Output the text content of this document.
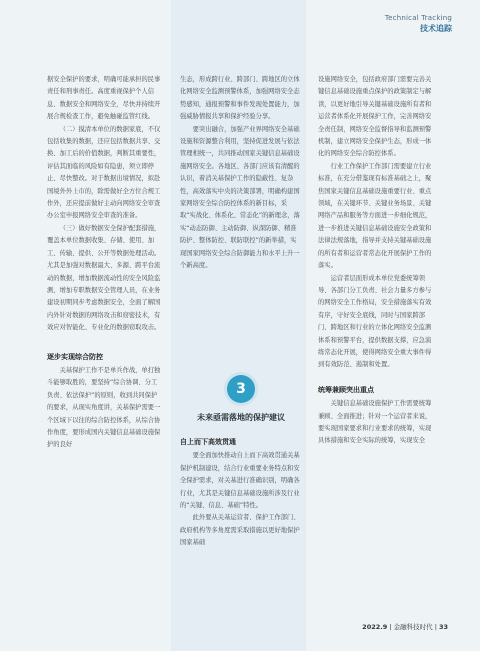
Technical Tracking
技术追踪

据安全保护的要求，明确可能承担的民事责任和刑事责任。高度重视保护个人信息、数据安全和网络安全，尽快并持续开展合规检查工作，避免触碰监管红线。

（二）摸清本单位的数据家底，不仅包括收集的数据，还应包括数据共享、交换、加工后的价值数据，判断其重要性，评估其面临的风险如有隐患，须立即停止、尽快整改。对于数据出境情况，拟赴国境外外上市的，除需做好全方位合规工作外，还应提前做好主动向网络安全审查办公室申报网络安全审查的准备。

（三）做好数据安全保护配套措施，覆盖本单位数据收集、存储、使用、加工、传输、提供、公开等数据处理活动。尤其是加强对数据最大、多源、跨平台流动的数据，增加数据流动性的安全风险监测，增加专职数据安全管理人员，在业务建设初期同步考虑数据安全，全面了解国内外针对数据的网络攻击和窃密技术，有效应对智能化、专业化的数据窃取攻击。

逐步实现综合防控

关基保护工作不是单兵作战，单打独斗能够取胜的，要坚持“综合协调、分工负责、依法保护”的原则，收到共同保护的要求，从现实角度讲，关基保护需要一个区域下以往的综合防控体系，从综合协作角度，要形成国内关键信息基础设施保护的良好

生态，形成跨行业、跨部门、跨地区的立体化网络安全监测预警体系，加强网络安全态势感知，通报预警和事件发现处置能力，加强威胁情报共享和保护经验分享。

要突出融合，加强产业界网络安全基础设施和资源整合利用，坚持促进发展与依法管理相统一，共同推动国家关键信息基础设施网络安全。各地区、各部门应该有清醒的认识，着消关基保护工作的隐蔽性、复杂性，高效落实中央的决策部署，明确构建国家网络安全综合防控体系的新目标，采取“实战化、体系化、常态化”的新理念，落实“动态防御、主动防御、纵深防御、精准防护、整体防控、联防联控”的新举措，实现国家网络安全综合防御能力和水平上升一个新高度。

3
未来亟需落地的保护建议
自上而下高效贯通

要全面加快推动自上而下高效贯通关基保护机制建设，结合行业重要业务特点和安全保护需求，对关基进行准确识别，明确各行业，尤其是关键信息基础设施所涉及行业的“关键、信息、基础”特性。

此外要从关基运营者、保护工作部门、政府机构等多角度需采取措施以更好地保护国家基础

设施网络安全，包括政府部门需要完善关键信息基础设施重点保护的政策制定与解读，以更好地引导关键基础设施所有者和运营者体系化开展保护工作，完善网络安全责任制，网络安全监督指导和监测预警机制，建立网络安全保护生态，形成一体化的网络安全综合防控体系。

行业工作保护工作部门需要建立行业标准，在充分借鉴现有标准基础之上，聚焦国家关键信息基础设施重要行业、重点领域，在关键环节、关键业务场景、关键网络产品和服务等方面进一步细化规范，进一步推进关键信息基础设施安全政策和法律法规落地，指导并支持关键基础设施的所有者和运营者常态化开展保护工作的落实。

运营者层面形成本单位党委统筹领导、各部门分工负责、社会力量多方参与的网络安全工作格局，安全措施落实有效有序，守好安全底线，同时与国家跨部门、跨地区和行业的立体化网络安全监测体系和预警平台，提供数据支撑，应急演练常态化开展，使得网络安全重大事件得到有效防范、遏制和处置。

统筹兼顾突出重点

关键信息基础设施保护工作需要统筹兼顾、全面推进；针对一个运营者来说，要实现国家要求和行业要求的统筹，实现具体措施和安全实际的统筹，实现安全

2022.9 | 金融科技时代 | 33
